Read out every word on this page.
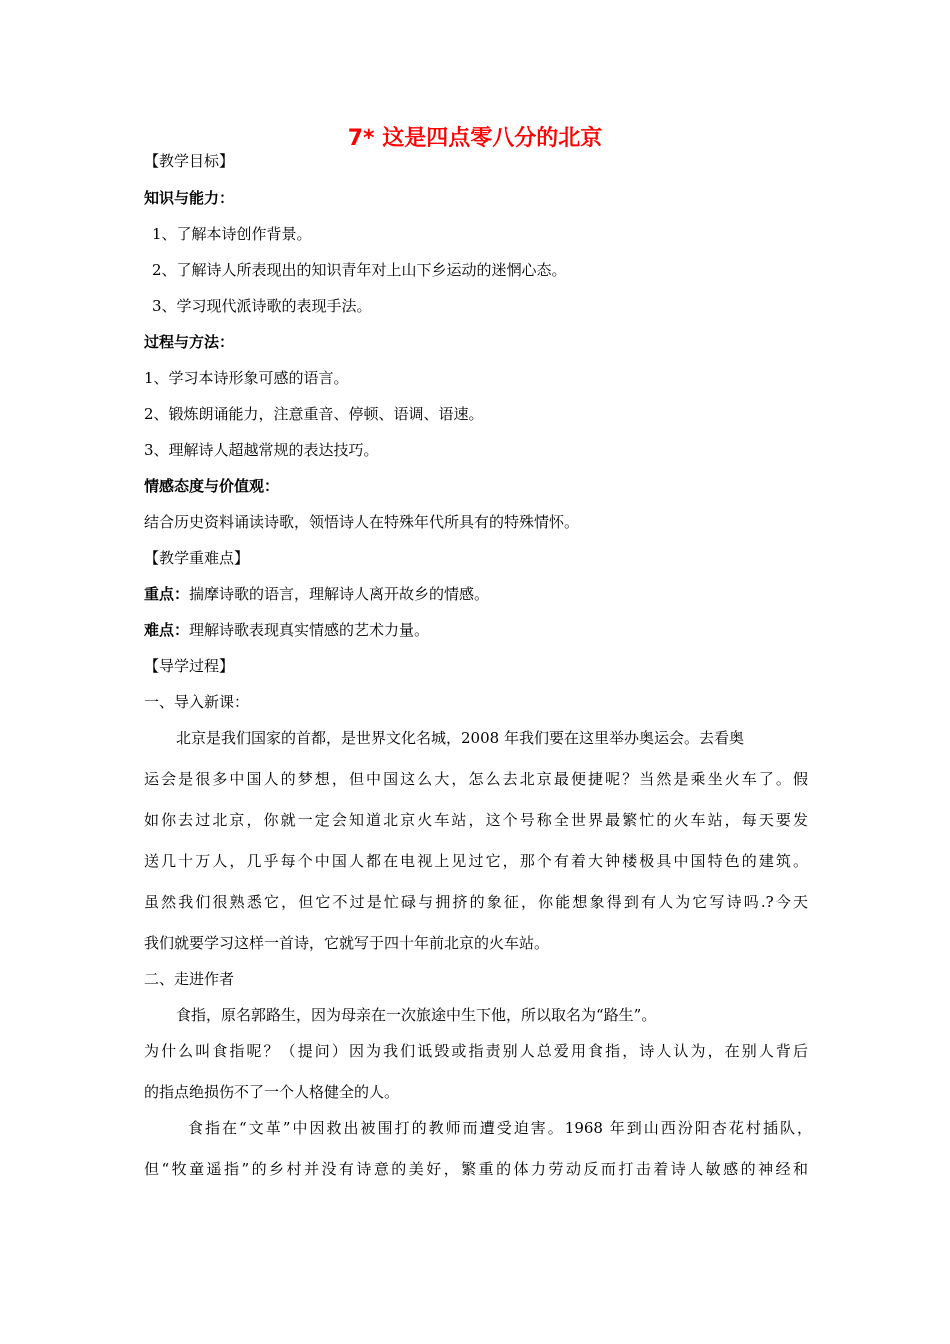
7* 这是四点零八分的北京
【教学目标】
知识与能力：
1、了解本诗创作背景。
2、了解诗人所表现出的知识青年对上山下乡运动的迷惘心态。
3、学习现代派诗歌的表现手法。
过程与方法：
1、学习本诗形象可感的语言。
2、锻炼朗诵能力，注意重音、停顿、语调、语速。
3、理解诗人超越常规的表达技巧。
情感态度与价值观：
结合历史资料诵读诗歌，领悟诗人在特殊年代所具有的特殊情怀。
【教学重难点】
重点：揣摩诗歌的语言，理解诗人离开故乡的情感。
难点：理解诗歌表现真实情感的艺术力量。
【导学过程】
一、导入新课：
北京是我们国家的首都，是世界文化名城，2008 年我们要在这里举办奥运会。去看奥
运会是很多中国人的梦想，但中国这么大，怎么去北京最便捷呢？当然是乘坐火车了。假
如你去过北京，你就一定会知道北京火车站，这个号称全世界最繁忙的火车站，每天要发
送几十万人，几乎每个中国人都在电视上见过它，那个有着大钟楼极具中国特色的建筑。
虽然我们很熟悉它，但它不过是忙碌与拥挤的象征，你能想象得到有人为它写诗吗.?今天
我们就要学习这样一首诗，它就写于四十年前北京的火车站。
二、走进作者
食指，原名郭路生，因为母亲在一次旅途中生下他，所以取名为“路生”。
为什么叫食指呢？（提问）因为我们诋毁或指责别人总爱用食指，诗人认为，在别人背后
的指点绝损伤不了一个人格健全的人。
食指在“文革”中因救出被围打的教师而遭受迫害。1968 年到山西汾阳杏花村插队，
但“牧童遥指”的乡村并没有诗意的美好，繁重的体力劳动反而打击着诗人敏感的神经和
